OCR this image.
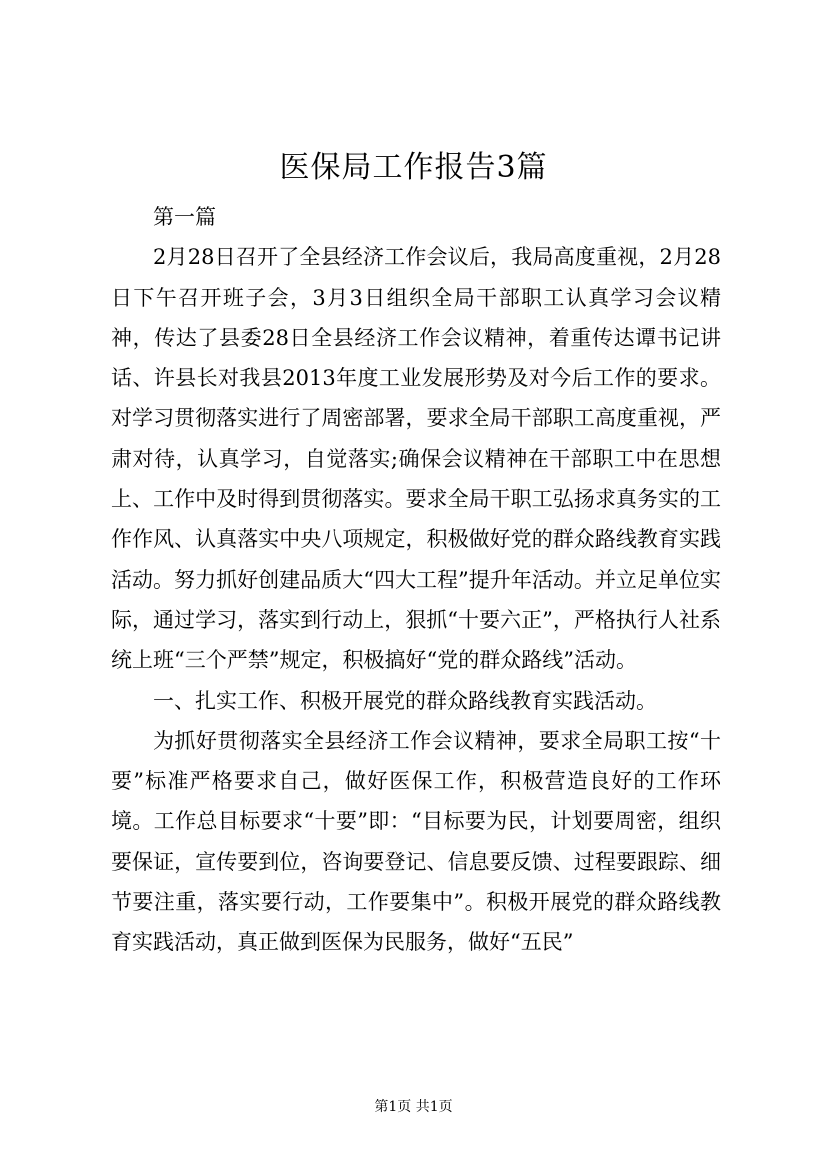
医保局工作报告3篇

第一篇

2月28日召开了全县经济工作会议后，我局高度重视，2月28日下午召开班子会，3月3日组织全局干部职工认真学习会议精神，传达了县委28日全县经济工作会议精神，着重传达谭书记讲话、许县长对我县2013年度工业发展形势及对今后工作的要求。对学习贯彻落实进行了周密部署，要求全局干部职工高度重视，严肃对待，认真学习，自觉落实;确保会议精神在干部职工中在思想上、工作中及时得到贯彻落实。要求全局干职工弘扬求真务实的工作作风、认真落实中央八项规定，积极做好党的群众路线教育实践活动。努力抓好创建品质大“四大工程”提升年活动。并立足单位实际，通过学习，落实到行动上，狠抓“十要六正”，严格执行人社系统上班“三个严禁”规定，积极搞好“党的群众路线”活动。

一、扎实工作、积极开展党的群众路线教育实践活动。

为抓好贯彻落实全县经济工作会议精神，要求全局职工按“十要”标准严格要求自己，做好医保工作，积极营造良好的工作环境。工作总目标要求“十要”即：“目标要为民，计划要周密，组织要保证，宣传要到位，咨询要登记、信息要反馈、过程要跟踪、细节要注重，落实要行动，工作要集中”。积极开展党的群众路线教育实践活动，真正做到医保为民服务，做好“五民”

第1页 共1页
